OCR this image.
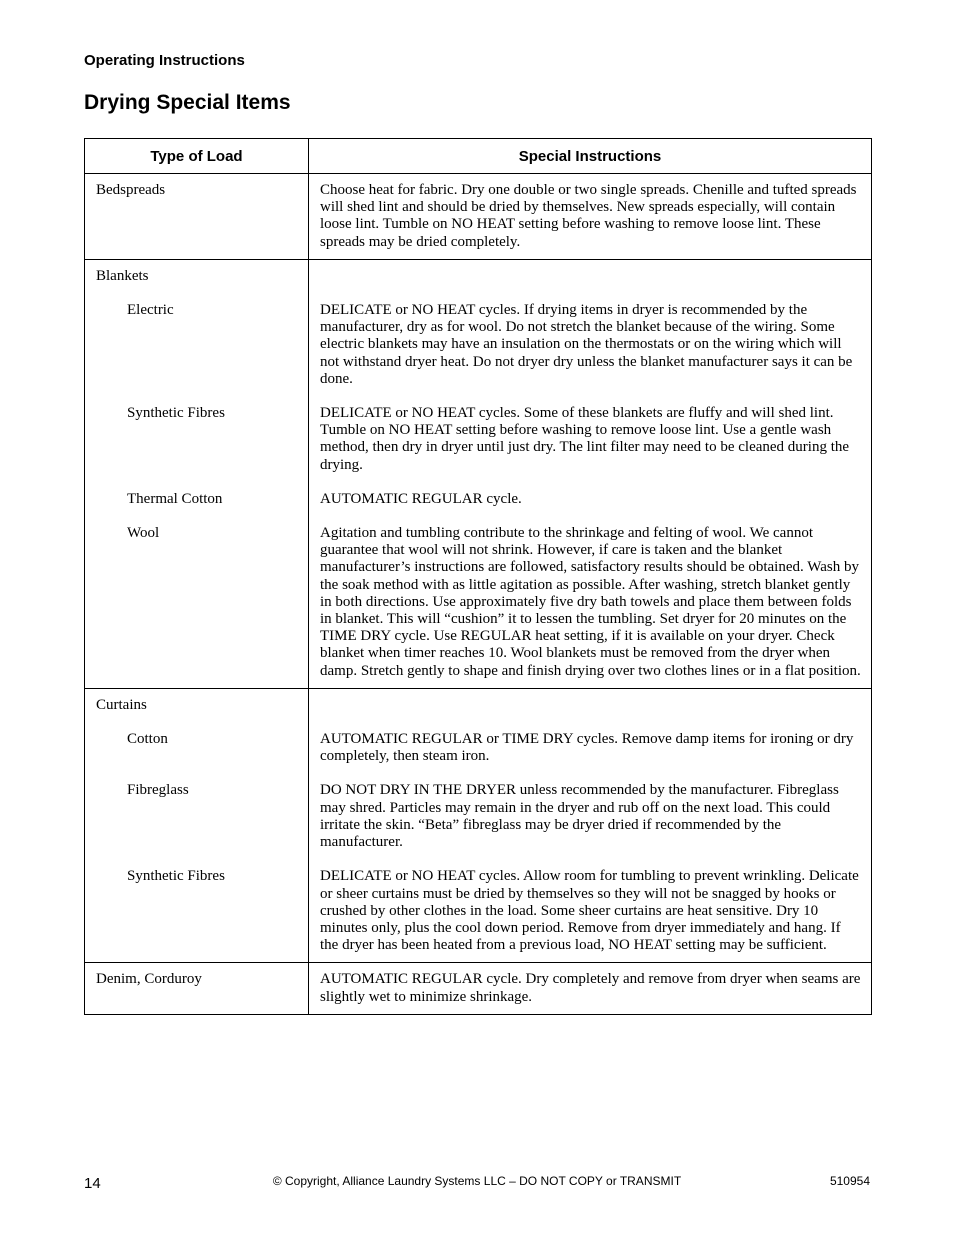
Operating Instructions
Drying Special Items
Type of Load	Special Instructions

Bedspreads	Choose heat for fabric. Dry one double or two single spreads. Chenille and tufted spreads will shed lint and should be dried by themselves. New spreads especially, will contain loose lint. Tumble on NO HEAT setting before washing to remove loose lint. These spreads may be dried completely.

Blankets	

Electric	DELICATE or NO HEAT cycles. If drying items in dryer is recommended by the manufacturer, dry as for wool. Do not stretch the blanket because of the wiring. Some electric blankets may have an insulation on the thermostats or on the wiring which will not withstand dryer heat. Do not dryer dry unless the blanket manufacturer says it can be done.

Synthetic Fibres	DELICATE or NO HEAT cycles. Some of these blankets are fluffy and will shed lint. Tumble on NO HEAT setting before washing to remove loose lint. Use a gentle wash method, then dry in dryer until just dry. The lint filter may need to be cleaned during the drying.

Thermal Cotton	AUTOMATIC REGULAR cycle.

Wool	Agitation and tumbling contribute to the shrinkage and felting of wool. We cannot guarantee that wool will not shrink. However, if care is taken and the blanket manufacturer’s instructions are followed, satisfactory results should be obtained. Wash by the soak method with as little agitation as possible. After washing, stretch blanket gently in both directions. Use approximately five dry bath towels and place them between folds in blanket. This will “cushion” it to lessen the tumbling. Set dryer for 20 minutes on the TIME DRY cycle. Use REGULAR heat setting, if it is available on your dryer. Check blanket when timer reaches 10. Wool blankets must be removed from the dryer when damp. Stretch gently to shape and finish drying over two clothes lines or in a flat position.

Curtains	

Cotton	AUTOMATIC REGULAR or TIME DRY cycles. Remove damp items for ironing or dry completely, then steam iron.

Fibreglass	DO NOT DRY IN THE DRYER unless recommended by the manufacturer. Fibreglass may shred. Particles may remain in the dryer and rub off on the next load. This could irritate the skin. “Beta” fibreglass may be dryer dried if recommended by the manufacturer.

Synthetic Fibres	DELICATE or NO HEAT cycles. Allow room for tumbling to prevent wrinkling. Delicate or sheer curtains must be dried by themselves so they will not be snagged by hooks or crushed by other clothes in the load. Some sheer curtains are heat sensitive. Dry 10 minutes only, plus the cool down period. Remove from dryer immediately and hang. If the dryer has been heated from a previous load, NO HEAT setting may be sufficient.

Denim, Corduroy	AUTOMATIC REGULAR cycle. Dry completely and remove from dryer when seams are slightly wet to minimize shrinkage.
14	© Copyright, Alliance Laundry Systems LLC – DO NOT COPY or TRANSMIT	510954
